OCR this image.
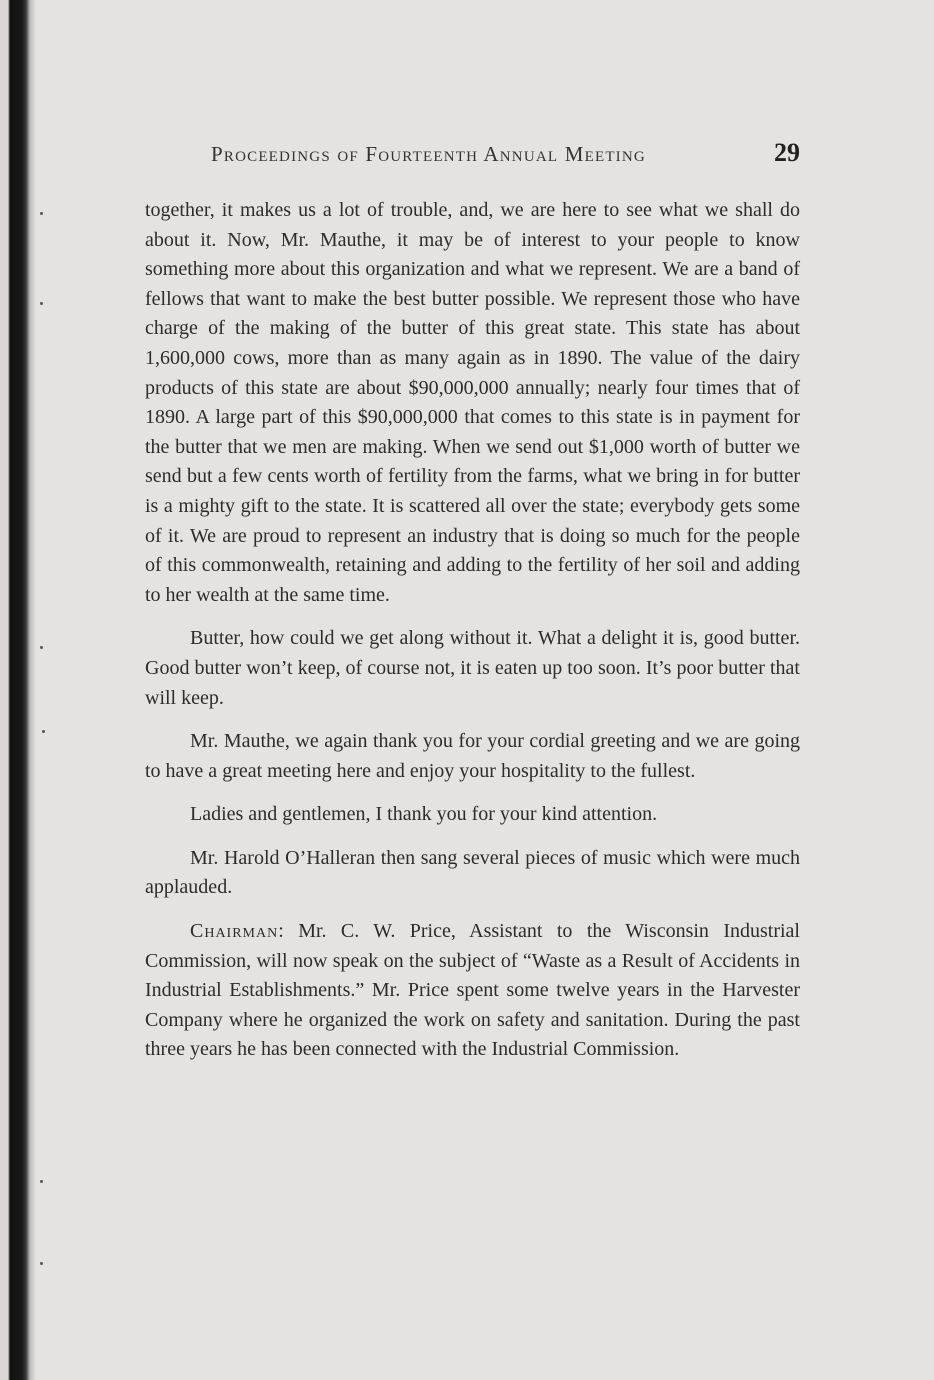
Proceedings of Fourteenth Annual Meeting	29

together, it makes us a lot of trouble, and, we are here to see what we shall do about it. Now, Mr. Mauthe, it may be of interest to your people to know something more about this organization and what we represent. We are a band of fellows that want to make the best butter possible. We represent those who have charge of the making of the butter of this great state. This state has about 1,600,000 cows, more than as many again as in 1890. The value of the dairy products of this state are about $90,000,000 annually; nearly four times that of 1890. A large part of this $90,000,000 that comes to this state is in payment for the butter that we men are making. When we send out $1,000 worth of butter we send but a few cents worth of fertility from the farms, what we bring in for butter is a mighty gift to the state. It is scattered all over the state; everybody gets some of it. We are proud to represent an industry that is doing so much for the people of this commonwealth, retaining and adding to the fertility of her soil and adding to her wealth at the same time.

Butter, how could we get along without it. What a delight it is, good butter. Good butter won’t keep, of course not, it is eaten up too soon. It’s poor butter that will keep.

Mr. Mauthe, we again thank you for your cordial greeting and we are going to have a great meeting here and enjoy your hospitality to the fullest.

Ladies and gentlemen, I thank you for your kind attention.

Mr. Harold O’Halleran then sang several pieces of music which were much applauded.

Chairman: Mr. C. W. Price, Assistant to the Wisconsin Industrial Commission, will now speak on the subject of “Waste as a Result of Accidents in Industrial Establishments.” Mr. Price spent some twelve years in the Harvester Company where he organized the work on safety and sanitation. During the past three years he has been connected with the Industrial Commission.
